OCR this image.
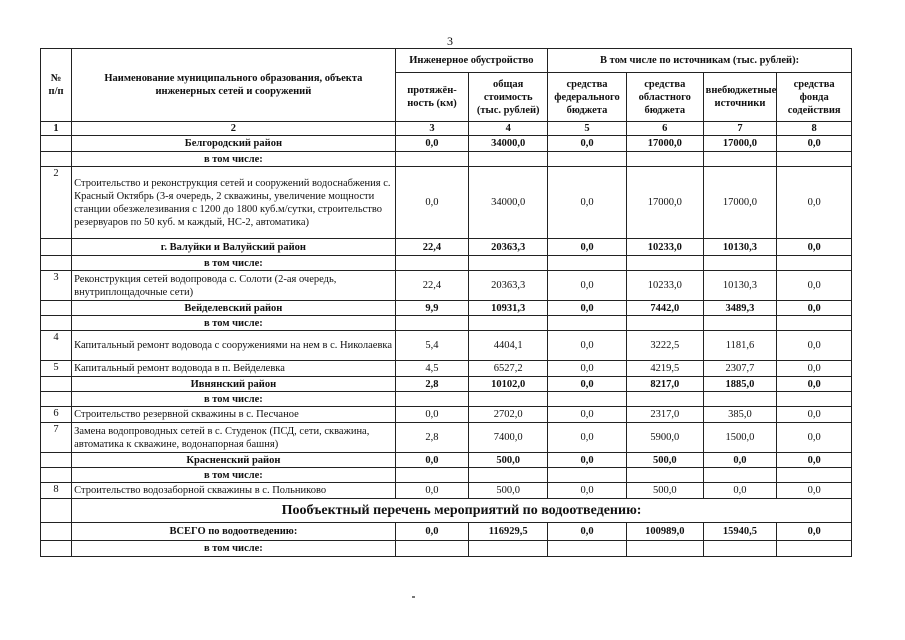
3
№
п/п	Наименование муниципального образования, объекта инженерных сетей и сооружений	Инженерное обустройство		В том числе по источникам (тыс. рублей):			
		протяжён-ность (км)	общая стоимость (тыс. рублей)	средства федерального бюджета	средства областного бюджета	внебюджетные источники	средства фонда содействия
1	2	3	4	5	6	7	8
	Белгородский район	0,0	34000,0	0,0	17000,0	17000,0	0,0
	в том числе:						
2	Строительство и реконструкция сетей и сооружений водоснабжения с. Красный Октябрь (3-я очередь, 2 скважины, увеличение мощности станции обезжелезивания с 1200 до 1800 куб.м/сутки, строительство резервуаров по 50 куб. м каждый, НС-2, автоматика)	0,0	34000,0	0,0	17000,0	17000,0	0,0
	г. Валуйки и Валуйский район	22,4	20363,3	0,0	10233,0	10130,3	0,0
	в том числе:						
3	Реконструкция сетей водопровода с. Солоти (2-ая очередь, внутриплощадочные сети)	22,4	20363,3	0,0	10233,0	10130,3	0,0
	Вейделевский район	9,9	10931,3	0,0	7442,0	3489,3	0,0
	в том числе:						
4	Капитальный ремонт водовода с сооружениями на нем в с. Николаевка	5,4	4404,1	0,0	3222,5	1181,6	0,0
5	Капитальный ремонт водовода в п. Вейделевка	4,5	6527,2	0,0	4219,5	2307,7	0,0
	Ивнянский район	2,8	10102,0	0,0	8217,0	1885,0	0,0
	в том числе:						
6	Строительство резервной скважины в с. Песчаное	0,0	2702,0	0,0	2317,0	385,0	0,0
7	Замена водопроводных сетей в с. Студенок (ПСД, сети, скважина, автоматика к скважине, водонапорная башня)	2,8	7400,0	0,0	5900,0	1500,0	0,0
	Красненский район	0,0	500,0	0,0	500,0	0,0	0,0
	в том числе:						
8	Строительство водозаборной скважины в с. Польниково	0,0	500,0	0,0	500,0	0,0	0,0
	Пообъектный перечень мероприятий по водоотведению:						
	ВСЕГО по водоотведению:	0,0	116929,5	0,0	100989,0	15940,5	0,0
	в том числе:						
